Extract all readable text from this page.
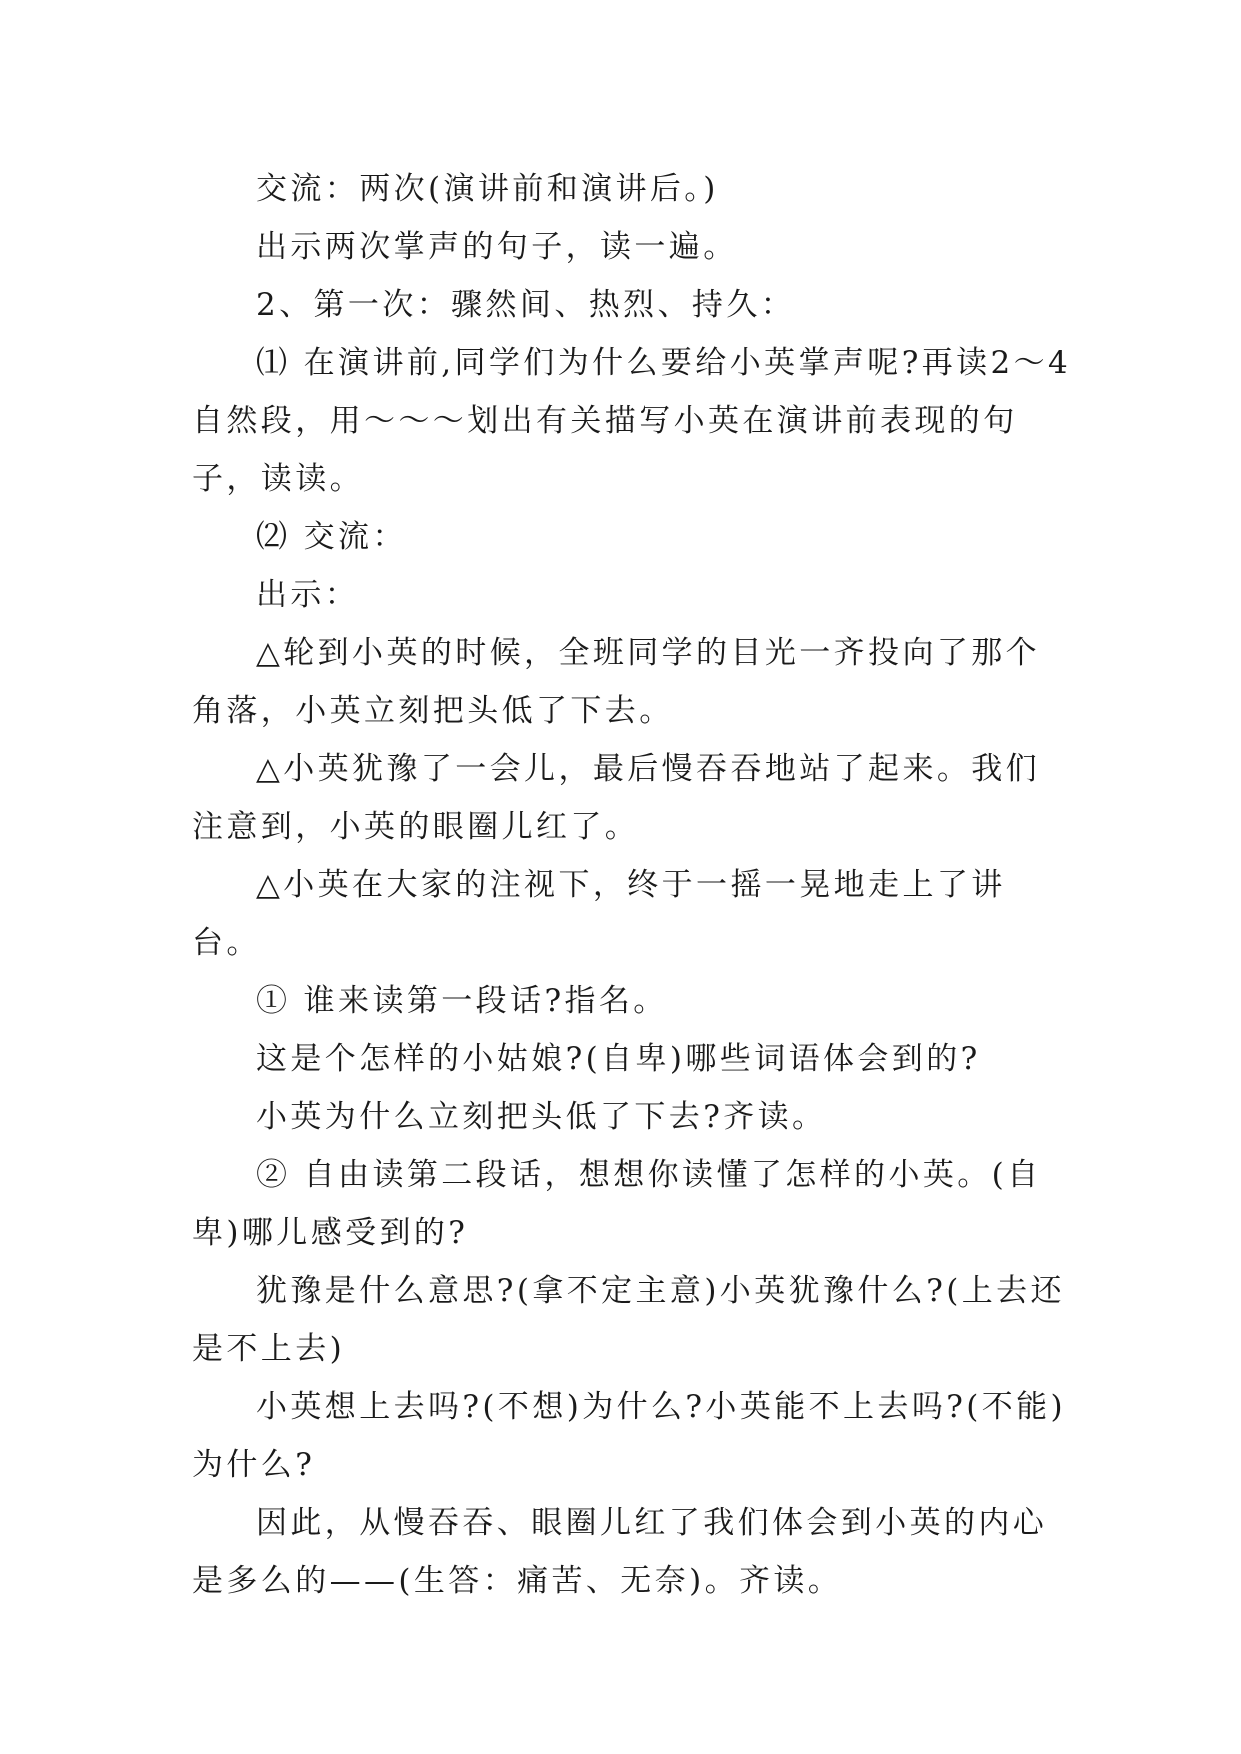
交流：两次(演讲前和演讲后。)

出示两次掌声的句子，读一遍。

2、第一次：骤然间、热烈、持久：

⑴ 在演讲前,同学们为什么要给小英掌声呢?再读2～4自然段，用～～～划出有关描写小英在演讲前表现的句子，读读。

⑵ 交流：

出示：

△轮到小英的时候，全班同学的目光一齐投向了那个角落，小英立刻把头低了下去。

△小英犹豫了一会儿，最后慢吞吞地站了起来。我们注意到，小英的眼圈儿红了。

△小英在大家的注视下，终于一摇一晃地走上了讲台。

① 谁来读第一段话?指名。

这是个怎样的小姑娘?(自卑)哪些词语体会到的?

小英为什么立刻把头低了下去?齐读。

② 自由读第二段话，想想你读懂了怎样的小英。(自卑)哪儿感受到的?

犹豫是什么意思?(拿不定主意)小英犹豫什么?(上去还是不上去)

小英想上去吗?(不想)为什么?小英能不上去吗?(不能)为什么?

因此，从慢吞吞、眼圈儿红了我们体会到小英的内心是多么的——(生答：痛苦、无奈)。齐读。
